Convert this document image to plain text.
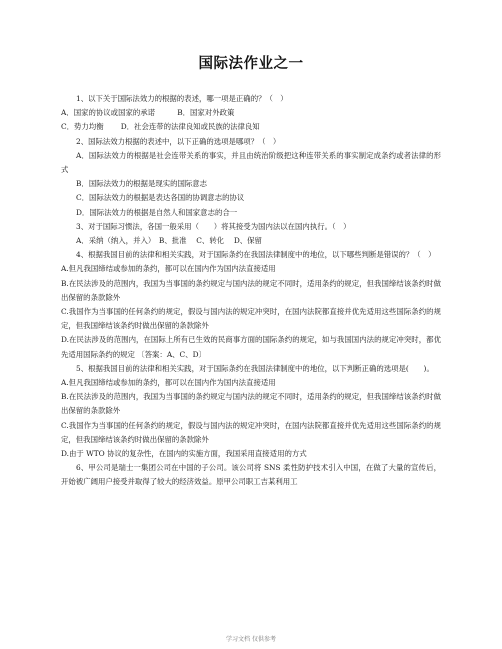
国际法作业之一

1、以下关于国际法效力的根据的表述，哪一项是正确的？（　）

A．国家的协议或国家的承诺　　　B．国家对外政策

C．势力均衡　　 D．社会连带的法律良知或民族的法律良知

2、国际法效力根据的表述中，以下正确的选项是哪项？（　）

A．国际法效力的根据是社会连带关系的事实，并且由统治阶级把这种连带关系的事实制定成条约或者法律的形式

B．国际法效力的根据是现实的国际意志

C．国际法效力的根据是表达各国的协调意志的协议

D．国际法效力的根据是自然人和国家意志的合一

3、对于国际习惯法，各国一般采用（　　）将其接受为国内法以在国内执行。（　）

A．采纳（纳入，并入）　B、批准　 C、转化　 D、保留

4、根据我国目前的法律和相关实践，对于国际条约在我国法律制度中的地位，以下哪些判断是错误的？（　）

A.但凡我国缔结或参加的条约，都可以在国内作为国内法直接适用

B.在民法涉及的范围内，我国为当事国的条约规定与国内法的规定不同时，适用条约的规定，但我国缔结该条约时做出保留的条款除外

C.我国作为当事国的任何条约的规定，假设与国内法的规定冲突时，在国内法院都直接并优先适用这些国际条约的规定，但我国缔结该条约时做出保留的条款除外

D.在民法涉及的范围内，在国际上所有已生效的民商事方面的国际条约的规定，如与我国国内法的规定冲突时，都优先适用国际条约的规定 〔答案：A、C、D〕

5、根据我国目前的法律和相关实践，对于国际条约在我国法律制度中的地位，以下判断正确的选项是(　　)。

A.但凡我国缔结或参加的条约，都可以在国内作为国内法直接适用

B.在民法涉及的范围内，我国为当事国的条约规定与国内法的规定不同时，适用条约的规定，但我国缔结该条约时做出保留的条款除外

C.我国作为当事国的任何条约的规定，假设与国内法的规定冲突时，在国内法院都直接并优先适用这些国际条约的规定，但我国缔结该条约时做出保留的条款除外

D.由于 WTO 协议的复杂性，在国内的实施方面，我国采用直接适用的方式

6、甲公司是瑞士一集团公司在中国的子公司。该公司将 SNS 柔性防护技术引入中国，在做了大量的宣传后，开始被广阔用户接受并取得了较大的经济效益。原甲公司职工吉某利用工

学习文档 仅供参考
